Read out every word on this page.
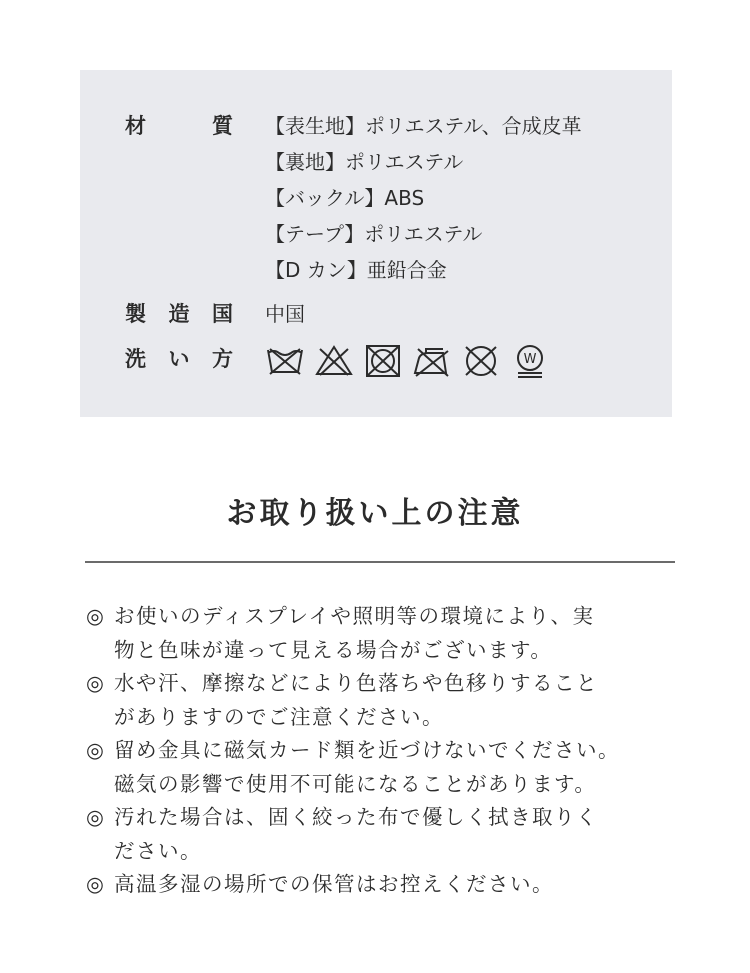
材	質 【表生地】ポリエステル、合成皮革
【裏地】ポリエステル
【バックル】ABS
【テープ】ポリエステル
【D カン】亜鉛合金
製 造 国 中国
洗 い 方	W
お取り扱い上の注意
◎ お使いのディスプレイや照明等の環境により、実
物と色味が違って見える場合がございます。
◎ 水や汗、摩擦などにより色落ちや色移りすること
がありますのでご注意ください。
◎ 留め金具に磁気カード類を近づけないでください。
磁気の影響で使用不可能になることがあります。
◎ 汚れた場合は、固く絞った布で優しく拭き取りく
ださい。
◎ 高温多湿の場所での保管はお控えください。
